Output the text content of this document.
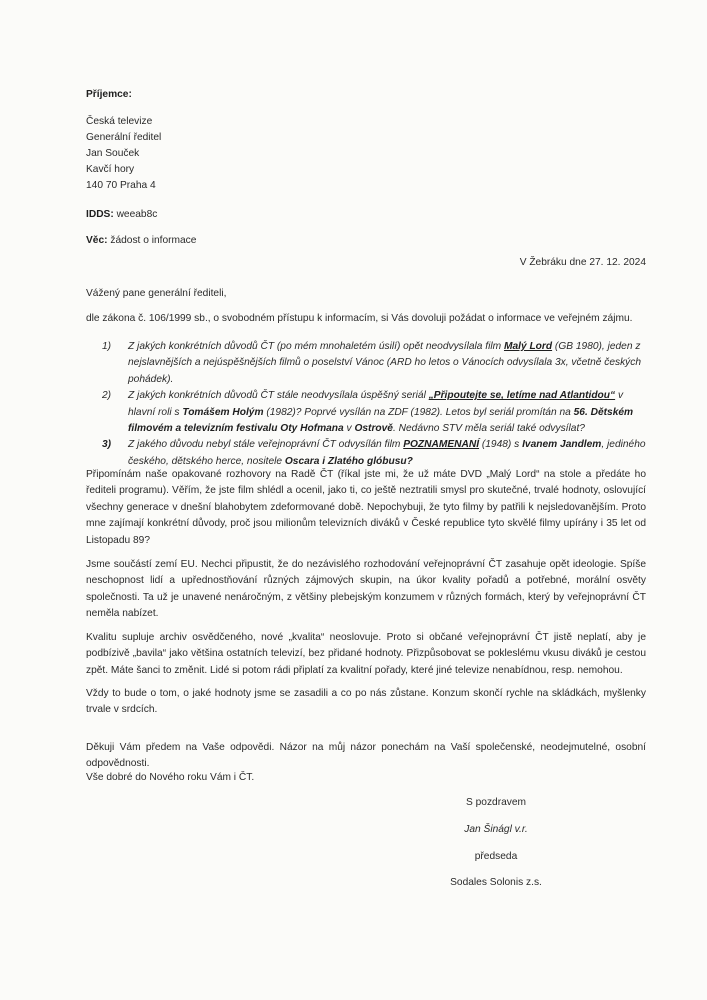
Příjemce:
Česká televize
Generální ředitel
Jan Souček
Kavčí hory
140 70 Praha 4
IDDS: weeab8c
Věc: žádost o informace
V Žebráku dne 27. 12. 2024
Vážený pane generální řediteli,
dle zákona č. 106/1999 sb., o svobodném přístupu k informacím, si Vás dovoluji požádat o informace ve veřejném zájmu.
1)	Z jakých konkrétních důvodů ČT (po mém mnohaletém úsilí) opět neodvysílala film Malý Lord (GB 1980), jeden z nejslavnějších a nejúspěšnějších filmů o poselství Vánoc (ARD ho letos o Vánocích odvysílala 3x, včetně českých pohádek).
2)	Z jakých konkrétních důvodů ČT stále neodvysílala úspěšný seriál „Připoutejte se, letíme nad Atlantidou“ v hlavní roli s Tomášem Holým (1982)? Poprvé vysílán na ZDF (1982). Letos byl seriál promítán na 56. Dětském filmovém a televizním festivalu Oty Hofmana v Ostrově. Nedávno STV měla seriál také odvysílat?
3)	Z jakého důvodu nebyl stále veřejnoprávní ČT odvysílán film POZNAMENANÍ (1948) s Ivanem Jandlem, jediného českého, dětského herce, nositele Oscara i Zlatého glóbusu?
Připomínám naše opakované rozhovory na Radě ČT (říkal jste mi, že už máte DVD „Malý Lord“ na stole a předáte ho řediteli programu). Věřím, že jste film shlédl a ocenil, jako ti, co ještě neztratili smysl pro skutečné, trvalé hodnoty, oslovující všechny generace v dnešní blahobytem zdeformované době. Nepochybuji, že tyto filmy by patřili k nejsledovanějším. Proto mne zajímají konkrétní důvody, proč jsou milionům televizních diváků v České republice tyto skvělé filmy upírány i 35 let od Listopadu 89?
Jsme součástí zemí EU. Nechci připustit, že do nezávislého rozhodování veřejnoprávní ČT zasahuje opět ideologie. Spíše neschopnost lidí a upřednostňování různých zájmových skupin, na úkor kvality pořadů a potřebné, morální osvěty společnosti. Ta už je unavené nenáročným, z většiny plebejským konzumem v různých formách, který by veřejnoprávní ČT neměla nabízet.
Kvalitu supluje archiv osvědčeného, nové „kvalita“ neoslovuje. Proto si občané veřejnoprávní ČT jistě neplatí, aby je podbízivě „bavila“ jako většina ostatních televizí, bez přidané hodnoty. Přizpůsobovat se pokleslému vkusu diváků je cestou zpět. Máte šanci to změnit. Lidé si potom rádi připlatí za kvalitní pořady, které jiné televize nenabídnou, resp. nemohou.
Vždy to bude o tom, o jaké hodnoty jsme se zasadili a co po nás zůstane. Konzum skončí rychle na skládkách, myšlenky trvale v srdcích.
Děkuji Vám předem na Vaše odpovědi. Názor na můj názor ponechám na Vaší společenské, neodejmutelné, osobní odpovědnosti.
Vše dobré do Nového roku Vám i ČT.
S pozdravem
Jan Šinágl v.r.
předseda
Sodales Solonis z.s.
